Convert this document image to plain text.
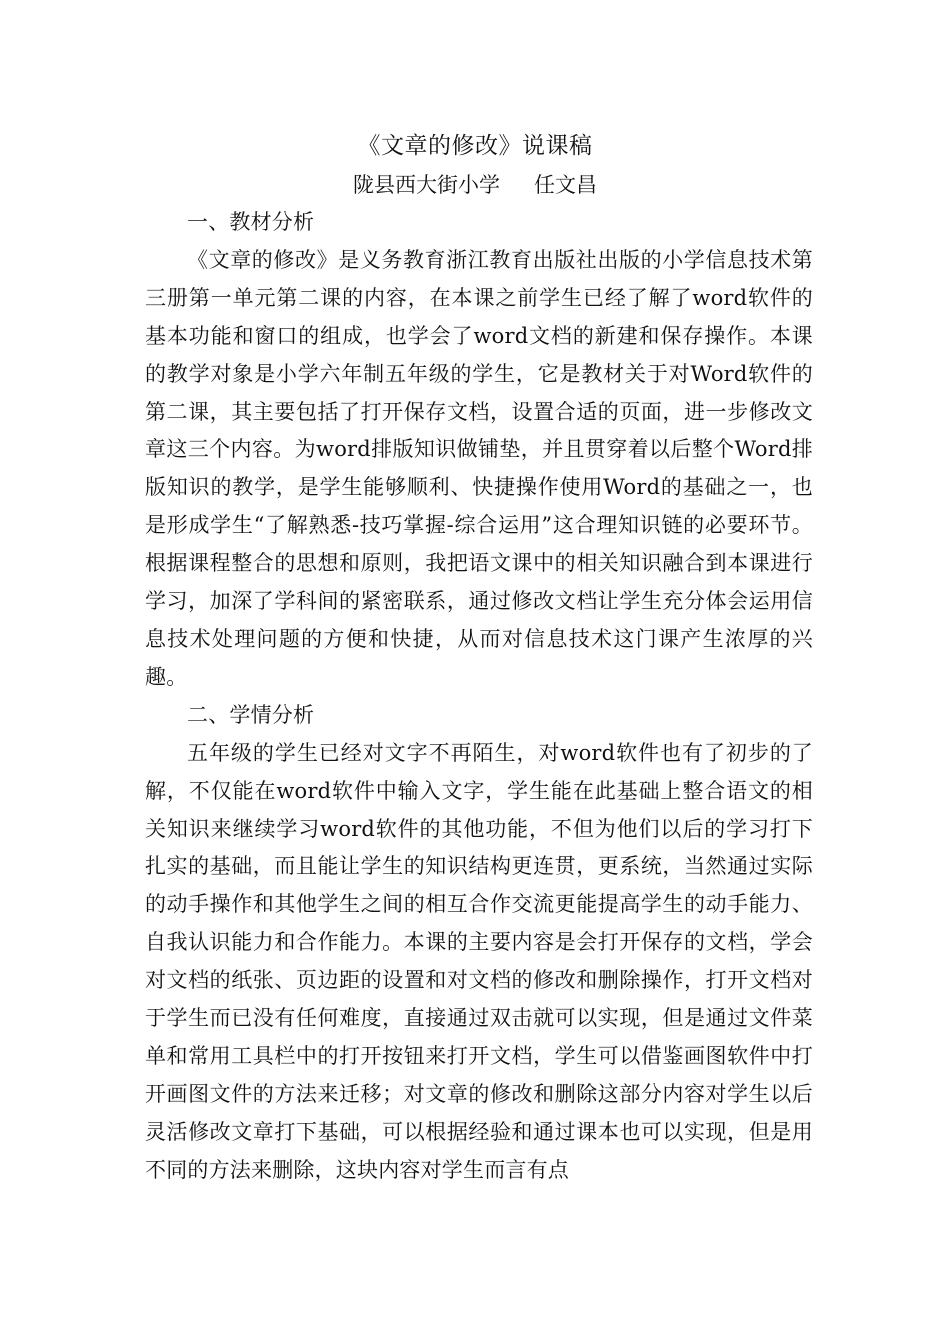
《文章的修改》说课稿
陇县西大街小学 任文昌

一、教材分析

《文章的修改》是义务教育浙江教育出版社出版的小学信息技术第三册第一单元第二课的内容，在本课之前学生已经了解了word软件的基本功能和窗口的组成，也学会了word文档的新建和保存操作。本课的教学对象是小学六年制五年级的学生，它是教材关于对Word软件的第二课，其主要包括了打开保存文档，设置合适的页面，进一步修改文章这三个内容。为word排版知识做铺垫，并且贯穿着以后整个Word排版知识的教学，是学生能够顺利、快捷操作使用Word的基础之一，也是形成学生“了解熟悉-技巧掌握-综合运用”这合理知识链的必要环节。根据课程整合的思想和原则，我把语文课中的相关知识融合到本课进行学习，加深了学科间的紧密联系，通过修改文档让学生充分体会运用信息技术处理问题的方便和快捷，从而对信息技术这门课产生浓厚的兴趣。

二、学情分析

五年级的学生已经对文字不再陌生，对word软件也有了初步的了解，不仅能在word软件中输入文字，学生能在此基础上整合语文的相关知识来继续学习word软件的其他功能，不但为他们以后的学习打下扎实的基础，而且能让学生的知识结构更连贯，更系统，当然通过实际的动手操作和其他学生之间的相互合作交流更能提高学生的动手能力、自我认识能力和合作能力。本课的主要内容是会打开保存的文档，学会对文档的纸张、页边距的设置和对文档的修改和删除操作，打开文档对于学生而已没有任何难度，直接通过双击就可以实现，但是通过文件菜单和常用工具栏中的打开按钮来打开文档，学生可以借鉴画图软件中打开画图文件的方法来迁移；对文章的修改和删除这部分内容对学生以后灵活修改文章打下基础，可以根据经验和通过课本也可以实现，但是用不同的方法来删除，这块内容对学生而言有点
